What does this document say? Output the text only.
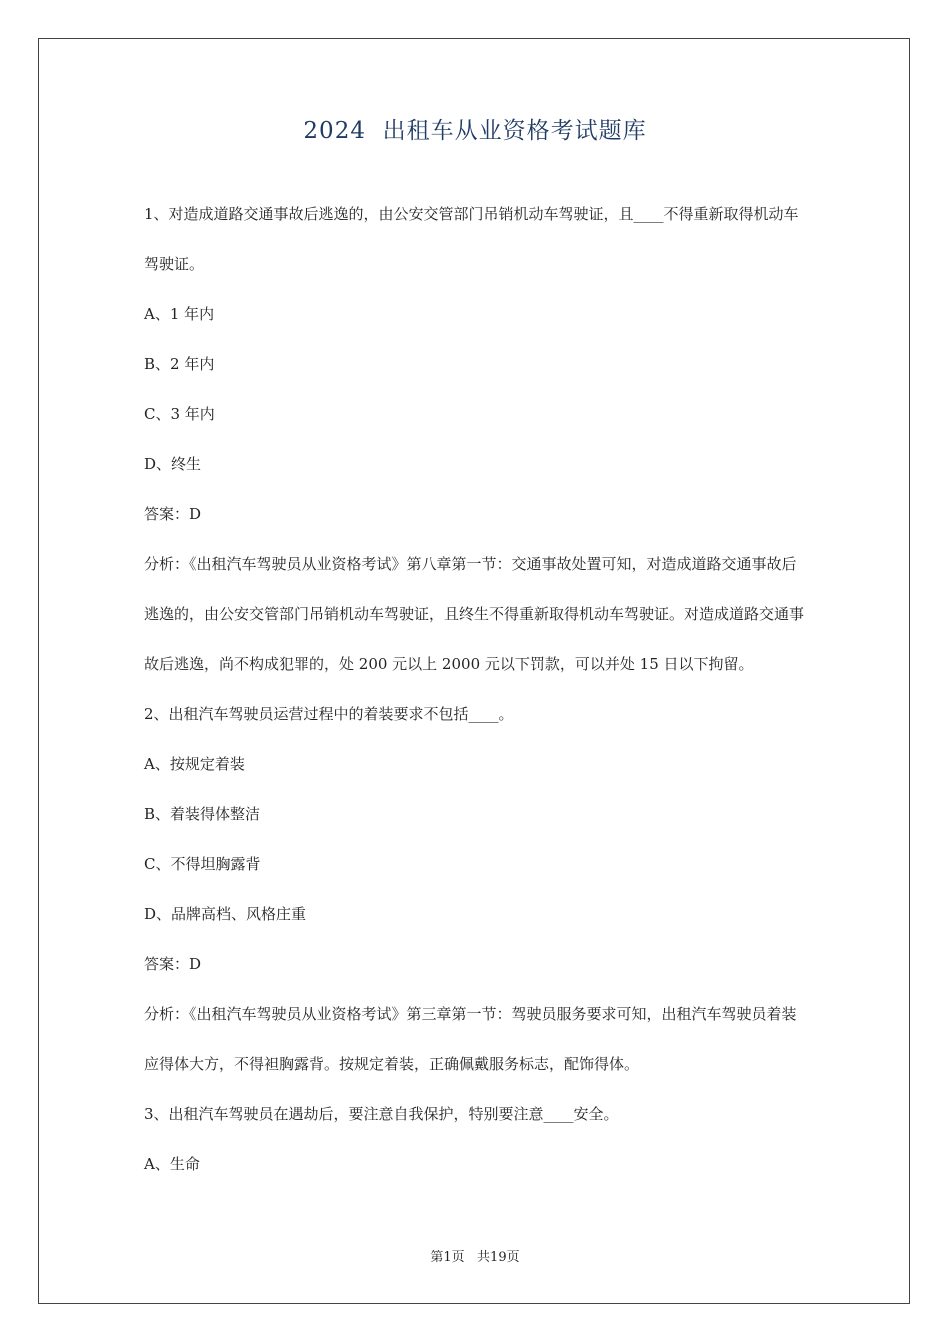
2024  出租车从业资格考试题库

1、对造成道路交通事故后逃逸的，由公安交管部门吊销机动车驾驶证，且____不得重新取得机动车驾驶证。

A、1 年内

B、2 年内

C、3 年内

D、终生

答案：D

分析：《出租汽车驾驶员从业资格考试》第八章第一节：交通事故处置可知，对造成道路交通事故后逃逸的，由公安交管部门吊销机动车驾驶证，且终生不得重新取得机动车驾驶证。对造成道路交通事故后逃逸，尚不构成犯罪的，处 200 元以上 2000 元以下罚款，可以并处 15 日以下拘留。

2、出租汽车驾驶员运营过程中的着装要求不包括____。

A、按规定着装

B、着装得体整洁

C、不得坦胸露背

D、品牌高档、风格庄重

答案：D

分析：《出租汽车驾驶员从业资格考试》第三章第一节：驾驶员服务要求可知，出租汽车驾驶员着装应得体大方，不得袒胸露背。按规定着装，正确佩戴服务标志，配饰得体。

3、出租汽车驾驶员在遇劫后，要注意自我保护，特别要注意____安全。

A、生命

第1页   共19页
